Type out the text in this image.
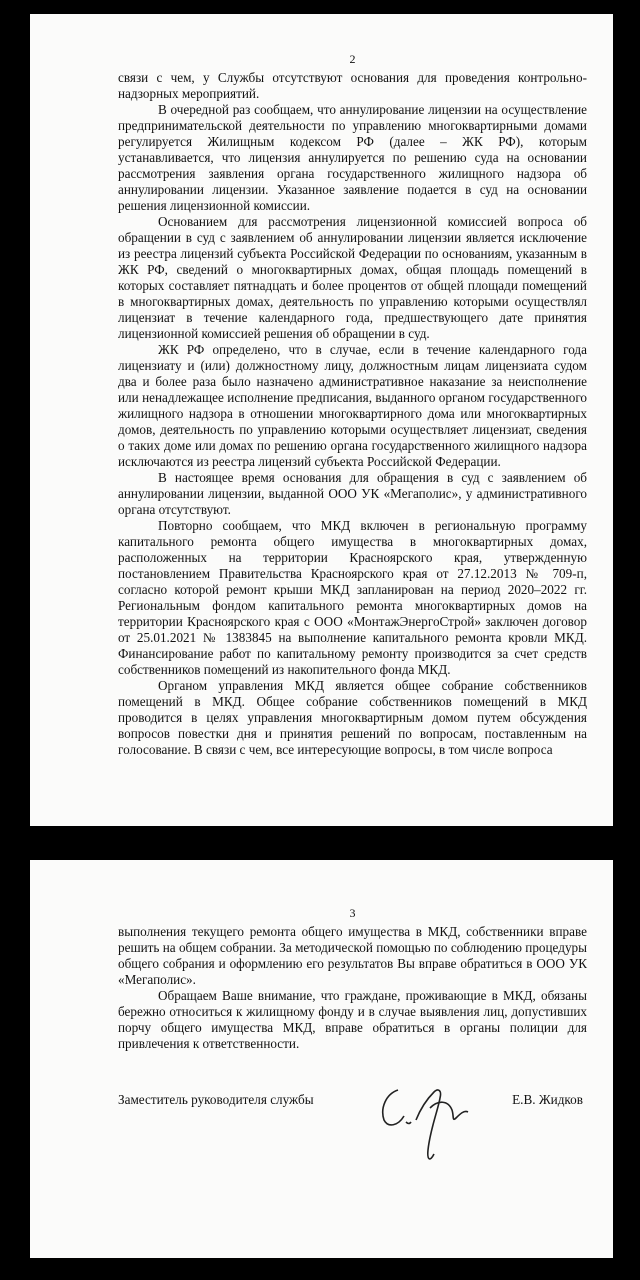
2

связи с чем, у Службы отсутствуют основания для проведения контрольно-надзорных мероприятий.

В очередной раз сообщаем, что аннулирование лицензии на осуществление предпринимательской деятельности по управлению многоквартирными домами регулируется Жилищным кодексом РФ (далее – ЖК РФ), которым устанавливается, что лицензия аннулируется по решению суда на основании рассмотрения заявления органа государственного жилищного надзора об аннулировании лицензии. Указанное заявление подается в суд на основании решения лицензионной комиссии.

Основанием для рассмотрения лицензионной комиссией вопроса об обращении в суд с заявлением об аннулировании лицензии является исключение из реестра лицензий субъекта Российской Федерации по основаниям, указанным в ЖК РФ, сведений о многоквартирных домах, общая площадь помещений в которых составляет пятнадцать и более процентов от общей площади помещений в многоквартирных домах, деятельность по управлению которыми осуществлял лицензиат в течение календарного года, предшествующего дате принятия лицензионной комиссией решения об обращении в суд.

ЖК РФ определено, что в случае, если в течение календарного года лицензиату и (или) должностному лицу, должностным лицам лицензиата судом два и более раза было назначено административное наказание за неисполнение или ненадлежащее исполнение предписания, выданного органом государственного жилищного надзора в отношении многоквартирного дома или многоквартирных домов, деятельность по управлению которыми осуществляет лицензиат, сведения о таких доме или домах по решению органа государственного жилищного надзора исключаются из реестра лицензий субъекта Российской Федерации.

В настоящее время основания для обращения в суд с заявлением об аннулировании лицензии, выданной ООО УК «Мегаполис», у административного органа отсутствуют.

Повторно сообщаем, что МКД включен в региональную программу капитального ремонта общего имущества в многоквартирных домах, расположенных на территории Красноярского края, утвержденную постановлением Правительства Красноярского края от 27.12.2013 № 709-п, согласно которой ремонт крыши МКД запланирован на период 2020–2022 гг. Региональным фондом капитального ремонта многоквартирных домов на территории Красноярского края с ООО «МонтажЭнергоСтрой» заключен договор от 25.01.2021 № 1383845 на выполнение капитального ремонта кровли МКД. Финансирование работ по капитальному ремонту производится за счет средств собственников помещений из накопительного фонда МКД.

Органом управления МКД является общее собрание собственников помещений в МКД. Общее собрание собственников помещений в МКД проводится в целях управления многоквартирным домом путем обсуждения вопросов повестки дня и принятия решений по вопросам, поставленным на голосование. В связи с чем, все интересующие вопросы, в том числе вопроса

3

выполнения текущего ремонта общего имущества в МКД, собственники вправе решить на общем собрании. За методической помощью по соблюдению процедуры общего собрания и оформлению его результатов Вы вправе обратиться в ООО УК «Мегаполис».

Обращаем Ваше внимание, что граждане, проживающие в МКД, обязаны бережно относиться к жилищному фонду и в случае выявления лиц, допустивших порчу общего имущества МКД, вправе обратиться в органы полиции для привлечения к ответственности.

Заместитель руководителя службы	Е.В. Жидков
